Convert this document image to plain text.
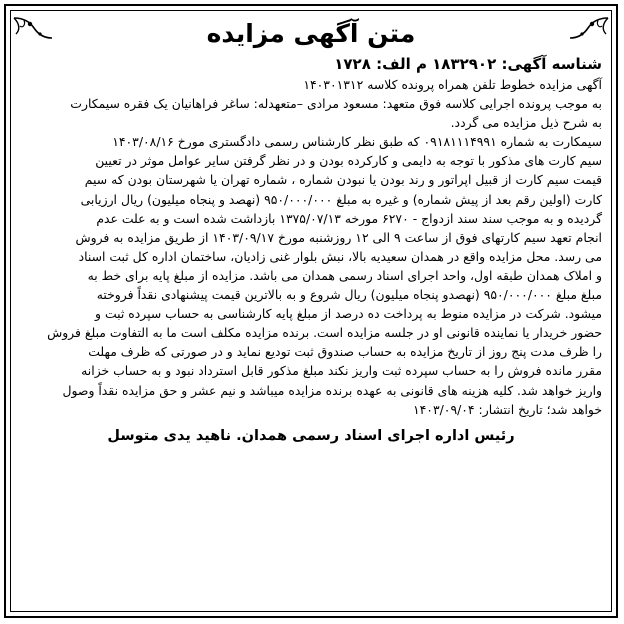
متن آگهی مزایده
شناسه آگهی: ۱۸۳۲۹۰۲ م الف: ۱۷۲۸

آگهی مزایده خطوط تلفن همراه پرونده کلاسه ۱۴۰۳۰۱۳۱۲

به موجب پرونده اجرایی کلاسه فوق متعهد: مسعود مرادی –متعهدله: ساغر فراهانیان یک فقره سیمکارت

به شرح ذیل مزایده می گردد.

سیمکارت به شماره ۰۹۱۸۱۱۱۴۹۹۱ که طبق نظر کارشناس رسمی دادگستری مورخ ۱۴۰۳/۰۸/۱۶

سیم کارت های مذکور با توجه به دایمی و کارکرده بودن و در نظر گرفتن سایر عوامل موثر در تعیین

قیمت سیم کارت از قبیل اپراتور و رند بودن یا نبودن شماره ، شماره تهران یا شهرستان بودن که سیم

کارت (اولین رقم بعد از پیش شماره) و غیره به مبلغ ۹۵۰/۰۰۰/۰۰۰ (نهصد و پنجاه میلیون) ریال ارزیابی

گردیده و به موجب سند سند ازدواج - ۶۲۷۰ مورخه ۱۳۷۵/۰۷/۱۳ بازداشت شده است و به علت عدم

انجام تعهد سیم کارتهای فوق از ساعت ۹ الی ۱۲ روزشنبه مورخ ۱۴۰۳/۰۹/۱۷ از طریق مزایده به فروش

می رسد. محل مزایده واقع در همدان سعیدیه بالا، نبش بلوار غنی زادیان، ساختمان اداره کل ثبت اسناد

و املاک همدان طبقه اول، واحد اجرای اسناد رسمی همدان می باشد. مزایده از مبلغ پایه برای خط به

مبلغ مبلغ ۹۵۰/۰۰۰/۰۰۰ (نهصدو پنجاه میلیون) ریال شروع و به بالاترین قیمت پیشنهادی نقداً فروخته

میشود. شرکت در مزایده منوط به پرداخت ده درصد از مبلغ پایه کارشناسی به حساب سپرده ثبت و

حضور خریدار یا نماینده قانونی او در جلسه مزایده است. برنده مزایده مکلف است ما به التفاوت مبلغ فروش

را ظرف مدت پنج روز از تاریخ مزایده به حساب صندوق ثبت تودیع نماید و در صورتی که ظرف مهلت

مقرر مانده فروش را به حساب سپرده ثبت واریز نکند مبلغ مذکور قابل استرداد نبود و به حساب خزانه

واریز خواهد شد. کلیه هزینه های قانونی به عهده برنده مزایده میباشد و نیم عشر و حق مزایده نقداً وصول

خواهد شد؛ تاریخ انتشار: ۱۴۰۳/۰۹/۰۴

رئیس اداره اجرای اسناد رسمی همدان. ناهید یدی متوسل
